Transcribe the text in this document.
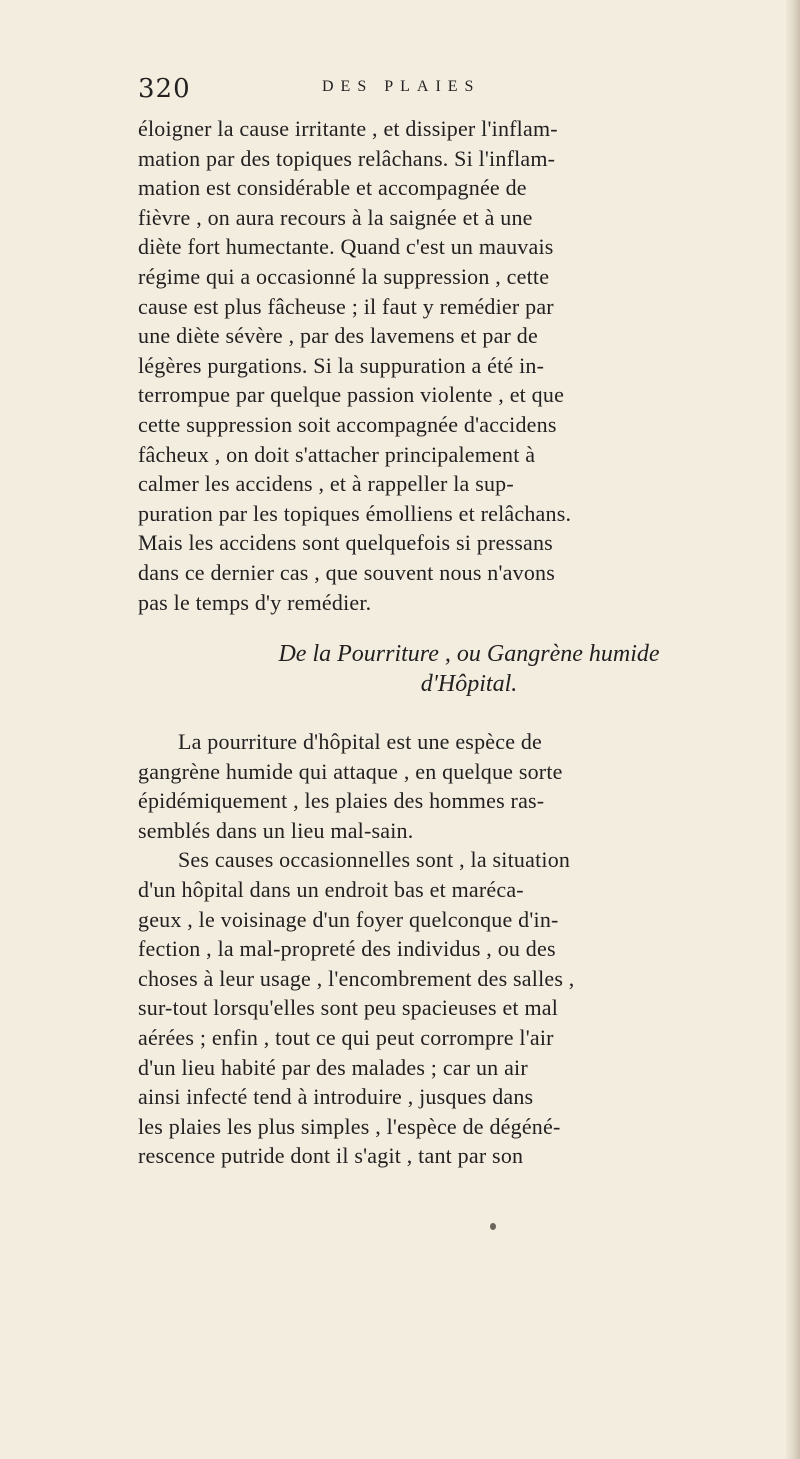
320	DES PLAIES
éloigner la cause irritante , et dissiper l'inflam-
mation par des topiques relâchans. Si l'inflam-
mation est considérable et accompagnée de
fièvre , on aura recours à la saignée et à une
diète fort humectante. Quand c'est un mauvais
régime qui a occasionné la suppression , cette
cause est plus fâcheuse ; il faut y remédier par
une diète sévère , par des lavemens et par de
légères purgations. Si la suppuration a été in-
terrompue par quelque passion violente , et que
cette suppression soit accompagnée d'accidens
fâcheux , on doit s'attacher principalement à
calmer les accidens , et à rappeller la sup-
puration par les topiques émolliens et relâchans.
Mais les accidens sont quelquefois si pressans
dans ce dernier cas , que souvent nous n'avons
pas le temps d'y remédier.
De la Pourriture , ou Gangrène humide
d'Hôpital.
La pourriture d'hôpital est une espèce de
gangrène humide qui attaque , en quelque sorte
épidémiquement , les plaies des hommes ras-
semblés dans un lieu mal-sain.
Ses causes occasionnelles sont , la situation
d'un hôpital dans un endroit bas et maréca-
geux , le voisinage d'un foyer quelconque d'in-
fection , la mal-propreté des individus , ou des
choses à leur usage , l'encombrement des salles ,
sur-tout lorsqu'elles sont peu spacieuses et mal
aérées ; enfin , tout ce qui peut corrompre l'air
d'un lieu habité par des malades ; car un air
ainsi infecté tend à introduire , jusques dans
les plaies les plus simples , l'espèce de dégéné-
rescence putride dont il s'agit , tant par son
